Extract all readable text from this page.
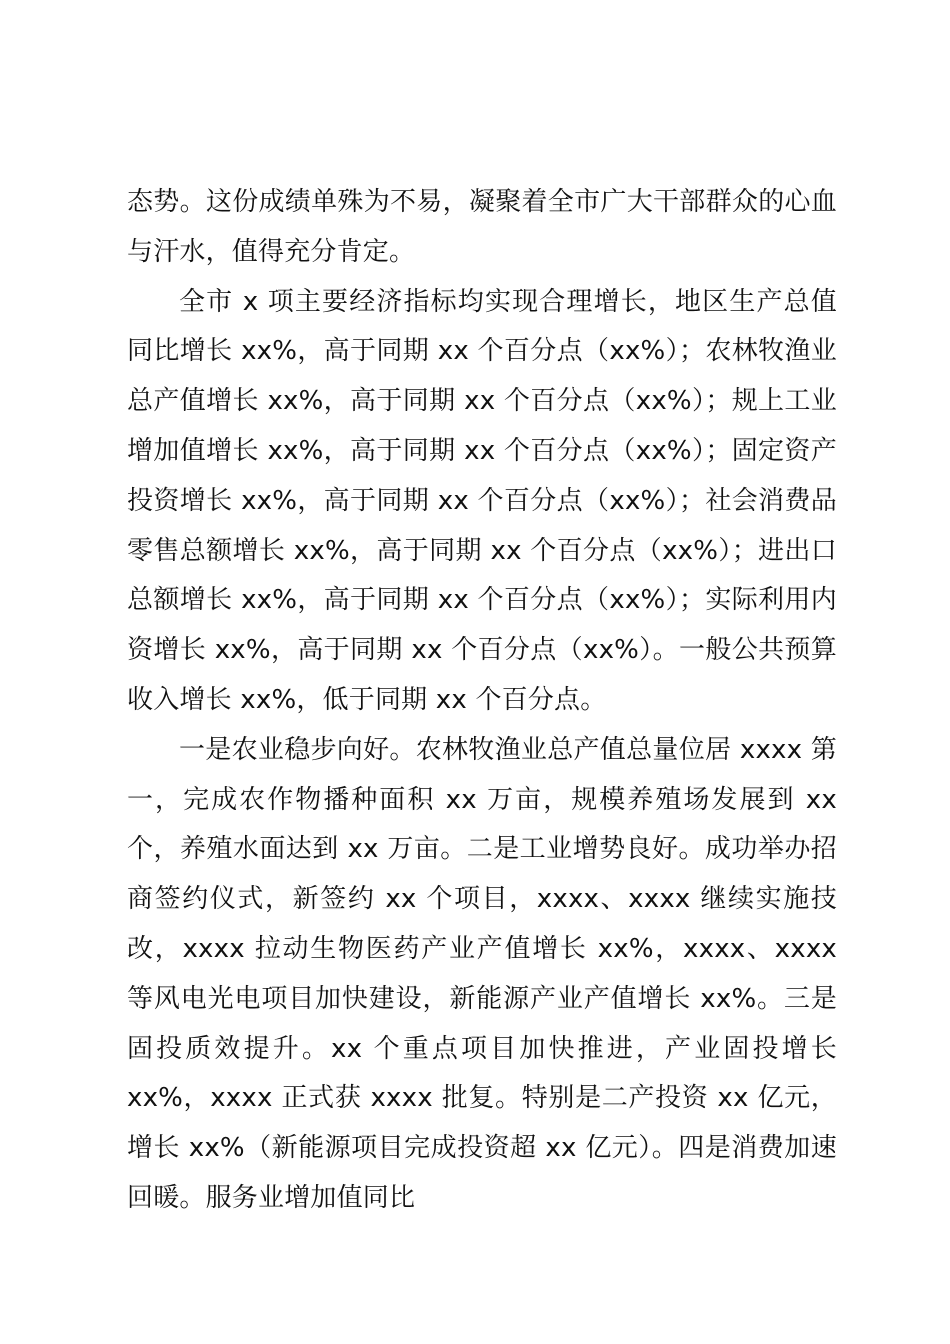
态势。这份成绩单殊为不易，凝聚着全市广大干部群众的心血与汗水，值得充分肯定。

全市 x 项主要经济指标均实现合理增长，地区生产总值同比增长 xx%，高于同期 xx 个百分点（xx%）；农林牧渔业总产值增长 xx%，高于同期 xx 个百分点（xx%）；规上工业增加值增长 xx%，高于同期 xx 个百分点（xx%）；固定资产投资增长 xx%，高于同期 xx 个百分点（xx%）；社会消费品零售总额增长 xx%，高于同期 xx 个百分点（xx%）；进出口总额增长 xx%，高于同期 xx 个百分点（xx%）；实际利用内资增长 xx%，高于同期 xx 个百分点（xx%）。一般公共预算收入增长 xx%，低于同期 xx 个百分点。

一是农业稳步向好。农林牧渔业总产值总量位居 xxxx 第一，完成农作物播种面积 xx 万亩，规模养殖场发展到 xx 个，养殖水面达到 xx 万亩。二是工业增势良好。成功举办招商签约仪式，新签约 xx 个项目，xxxx、xxxx 继续实施技改，xxxx 拉动生物医药产业产值增长 xx%，xxxx、xxxx 等风电光电项目加快建设，新能源产业产值增长 xx%。三是固投质效提升。xx 个重点项目加快推进，产业固投增长 xx%，xxxx 正式获 xxxx 批复。特别是二产投资 xx 亿元，增长 xx%（新能源项目完成投资超 xx 亿元）。四是消费加速回暖。服务业增加值同比
